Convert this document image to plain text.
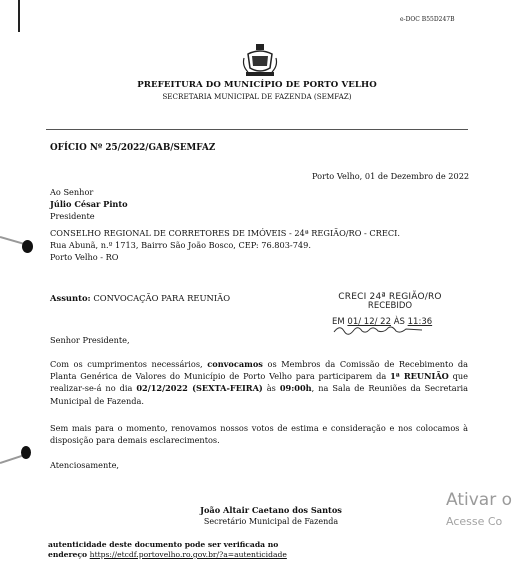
e-DOC B55D247B
PREFEITURA DO MUNICÍPIO DE PORTO VELHO
SECRETARIA MUNICIPAL DE FAZENDA (SEMFAZ)
OFÍCIO Nº 25/2022/GAB/SEMFAZ
Porto Velho, 01 de Dezembro de 2022
Ao Senhor
Júlio César Pinto
Presidente
CONSELHO REGIONAL DE CORRETORES DE IMÓVEIS - 24ª REGIÃO/RO - CRECI.
Rua Abunã, n.º 1713, Bairro São João Bosco, CEP: 76.803-749.
Porto Velho - RO
Assunto: CONVOCAÇÃO PARA REUNIÃO	CRECI 24ª REGIÃO/RO
RECEBIDO
EM 01/ 12/ 22 ÀS 11:36
Senhor Presidente,
Com os cumprimentos necessários, convocamos os Membros da Comissão de Recebimento da Planta Genérica de Valores do Município de Porto Velho para participarem da 1ª REUNIÃO que realizar-se-á no dia 02/12/2022 (SEXTA-FEIRA) às 09:00h, na Sala de Reuniões da Secretaria Municipal de Fazenda.
Sem mais para o momento, renovamos nossos votos de estima e consideração e nos colocamos à disposição para demais esclarecimentos.
Atenciosamente,
João Altair Caetano dos Santos
Secretário Municipal de Fazenda
autenticidade deste documento pode ser verificada no
endereço https://etcdf.portovelho.ro.gov.br/?a=autenticidade
Ativar o
Acesse Co
